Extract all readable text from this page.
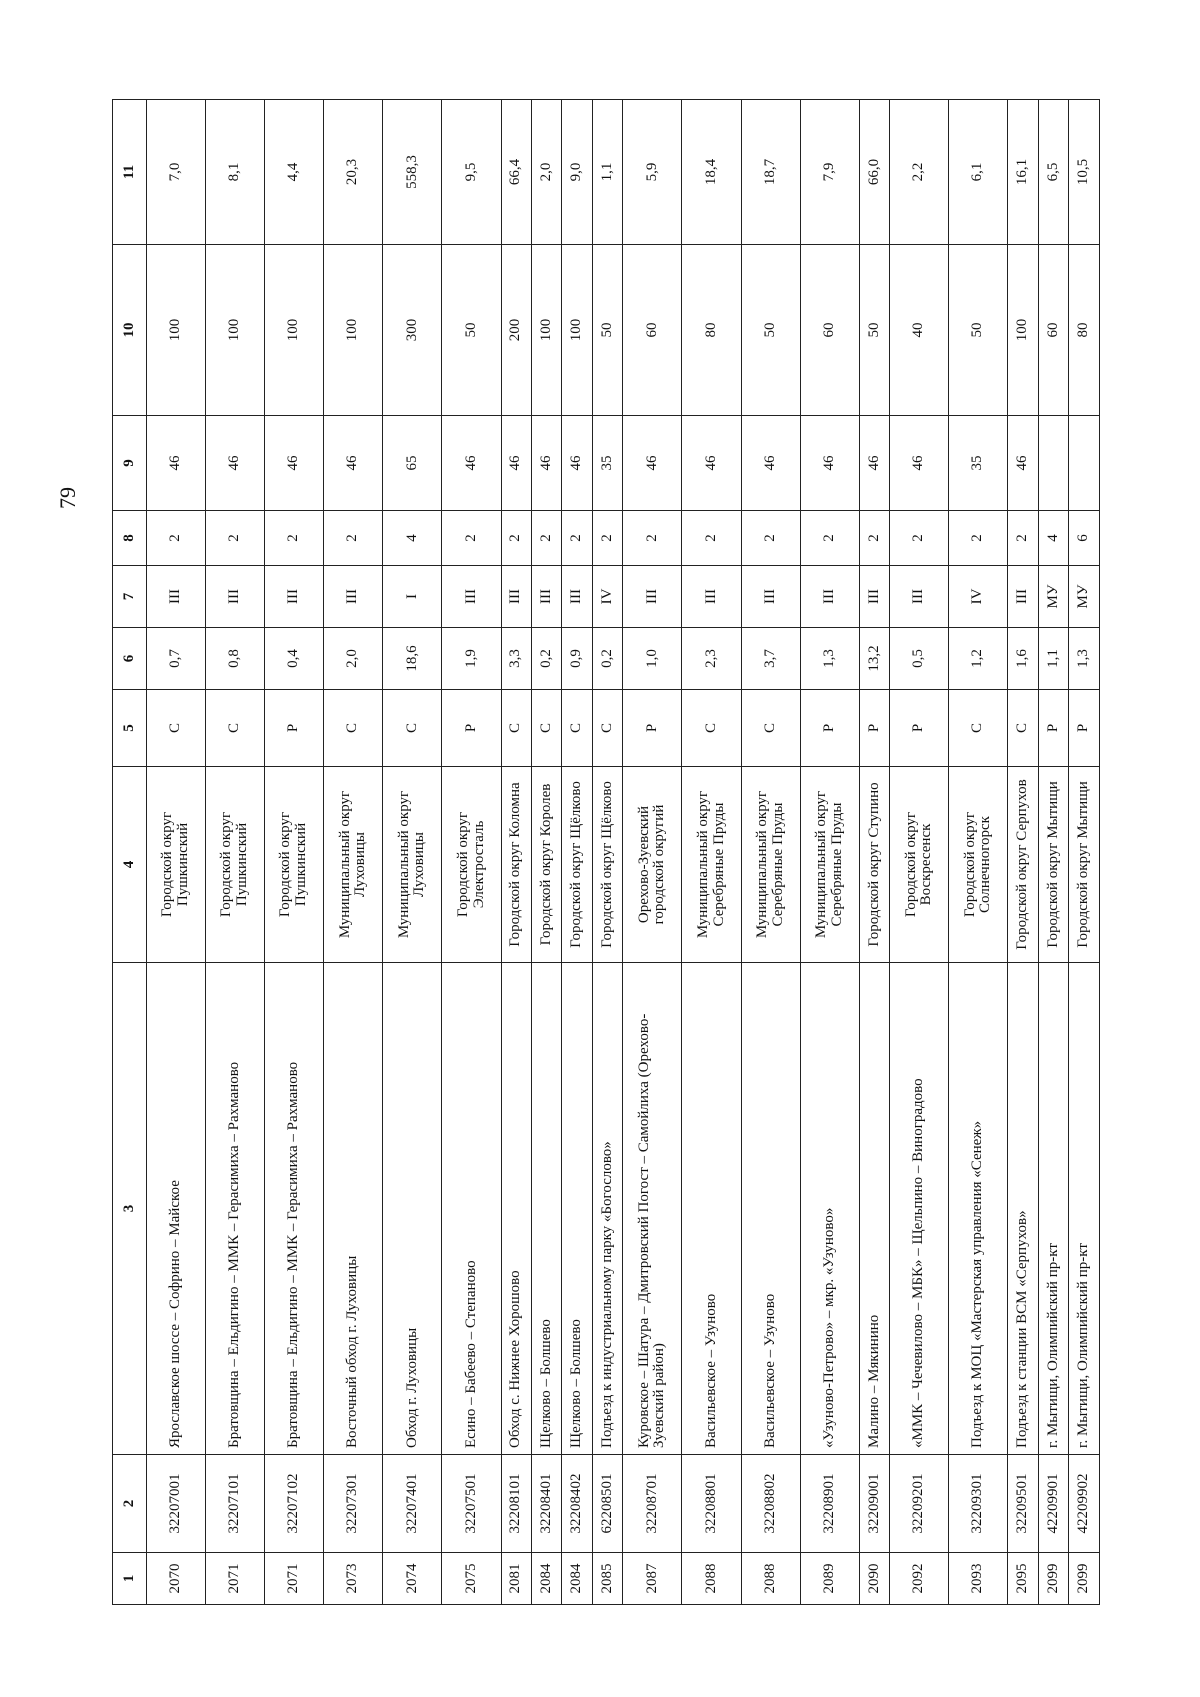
79
1	2	3	4	5	6	7	8	9	10	11
2070	32207001	Ярославское шоссе – Софрино – Майское	Городской округ Пушкинский	С	0,7	III	2	46	100	7,0
2071	32207101	Братовщина – Ельдигино – ММК – Герасимиха – Рахманово	Городской округ Пушкинский	С	0,8	III	2	46	100	8,1
2071	32207102	Братовщина – Ельдигино – ММК – Герасимиха – Рахманово	Городской округ Пушкинский	Р	0,4	III	2	46	100	4,4
2073	32207301	Восточный обход г. Луховицы	Муниципальный округ Луховицы	С	2,0	III	2	46	100	20,3
2074	32207401	Обход г. Луховицы	Муниципальный округ Луховицы	С	18,6	I	4	65	300	558,3
2075	32207501	Есино – Бабеево – Степаново	Городской округ Электросталь	Р	1,9	III	2	46	50	9,5
2081	32208101	Обход с. Нижнее Хорошово	Городской округ Коломна	С	3,3	III	2	46	200	66,4
2084	32208401	Щелково – Болшево	Городской округ Королев	С	0,2	III	2	46	100	2,0
2084	32208402	Щелково – Болшево	Городской округ Щёлково	С	0,9	III	2	46	100	9,0
2085	62208501	Подъезд к индустриальному парку «Богослово»	Городской округ Щёлково	С	0,2	IV	2	35	50	1,1
2087	32208701	Куровское – Шатура – Дмитровский Погост – Самойлиха (Орехово-Зуевский район)	Орехово-Зуевский городской округий	Р	1,0	III	2	46	60	5,9
2088	32208801	Васильевское – Узуново	Муниципальный округ Серебряные Пруды	С	2,3	III	2	46	80	18,4
2088	32208802	Васильевское – Узуново	Муниципальный округ Серебряные Пруды	С	3,7	III	2	46	50	18,7
2089	32208901	«Узуново-Петрово» – мкр. «Узуново»	Муниципальный округ Серебряные Пруды	Р	1,3	III	2	46	60	7,9
2090	32209001	Малино – Мякинино	Городской округ Ступино	Р	13,2	III	2	46	50	66,0
2092	32209201	«ММК – Чечевилово – МБК» – Щельпино – Виноградово	Городской округ Воскресенск	Р	0,5	III	2	46	40	2,2
2093	32209301	Подъезд к МОЦ «Мастерская управления «Сенеж»	Городской округ Солнечногорск	С	1,2	IV	2	35	50	6,1
2095	32209501	Подъезд к станции ВСМ «Серпухов»	Городской округ Серпухов	С	1,6	III	2	46	100	16,1
2099	42209901	г. Мытищи, Олимпийский пр-кт	Городской округ Мытищи	Р	1,1	МУ	4		60	6,5
2099	42209902	г. Мытищи, Олимпийский пр-кт	Городской округ Мытищи	Р	1,3	МУ	6		80	10,5
